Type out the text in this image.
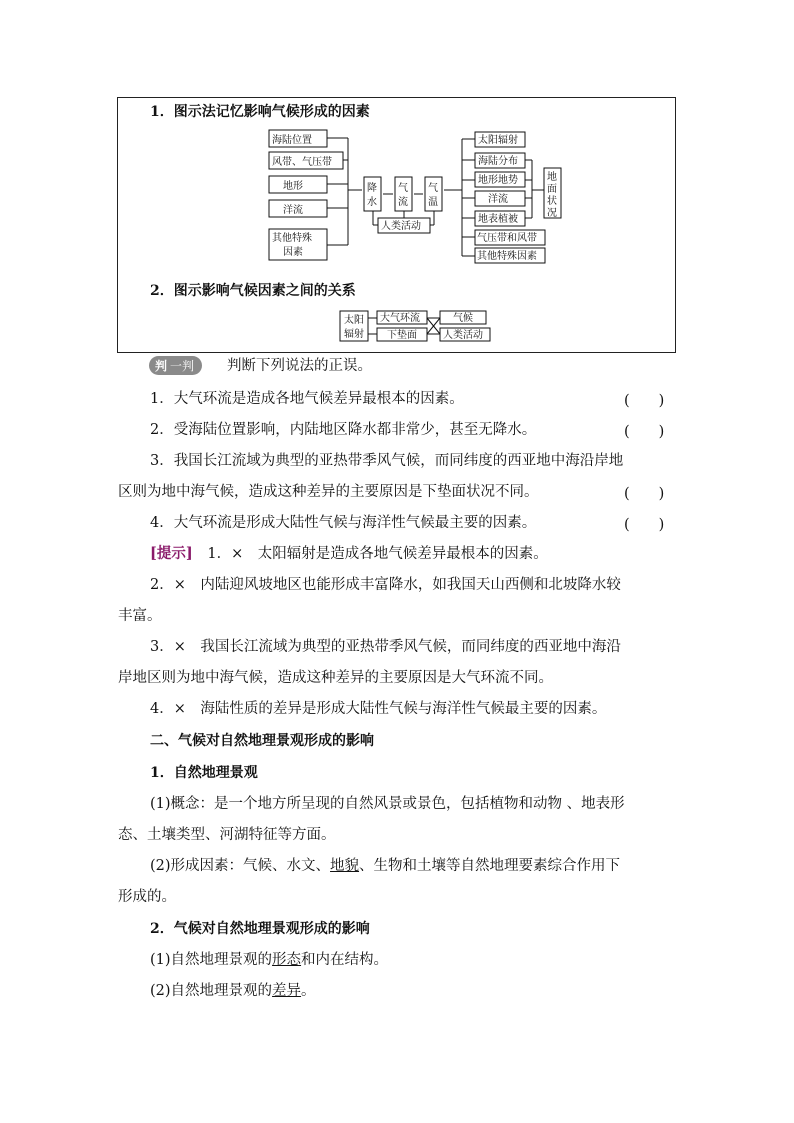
1．图示法记忆影响气候形成的因素
2．图示影响气候因素之间的关系
海陆位置
风带、气压带
地形
洋流
其他特殊
因素
降
水
气
流
气
温
人类活动
太阳辐射
海陆分布
地形地势
洋流
地表植被
气压带和风带
其他特殊因素
地
面
状
况
太阳
辐射
大气环流
下垫面
气候
人类活动
判 一判	判断下列说法的正误。
1．大气环流是造成各地气候差异最根本的因素。	(　　)
2．受海陆位置影响，内陆地区降水都非常少，甚至无降水。	(　　)
3．我国长江流域为典型的亚热带季风气候，而同纬度的西亚地中海沿岸地
区则为地中海气候，造成这种差异的主要原因是下垫面状况不同。	(　　)
4．大气环流是形成大陆性气候与海洋性气候最主要的因素。	(　　)
[提示] 1．×　太阳辐射是造成各地气候差异最根本的因素。
2．×　内陆迎风坡地区也能形成丰富降水，如我国天山西侧和北坡降水较
丰富。
3．×　我国长江流域为典型的亚热带季风气候，而同纬度的西亚地中海沿
岸地区则为地中海气候，造成这种差异的主要原因是大气环流不同。
4．×　海陆性质的差异是形成大陆性气候与海洋性气候最主要的因素。
二、气候对自然地理景观形成的影响
1．自然地理景观
(1)概念：是一个地方所呈现的自然风景或景色，包括植物和动物 、地表形
态、土壤类型、河湖特征等方面。
(2)形成因素：气候、水文、地貌、生物和土壤等自然地理要素综合作用下
形成的。
2．气候对自然地理景观形成的影响
(1)自然地理景观的形态和内在结构。
(2)自然地理景观的差异。
